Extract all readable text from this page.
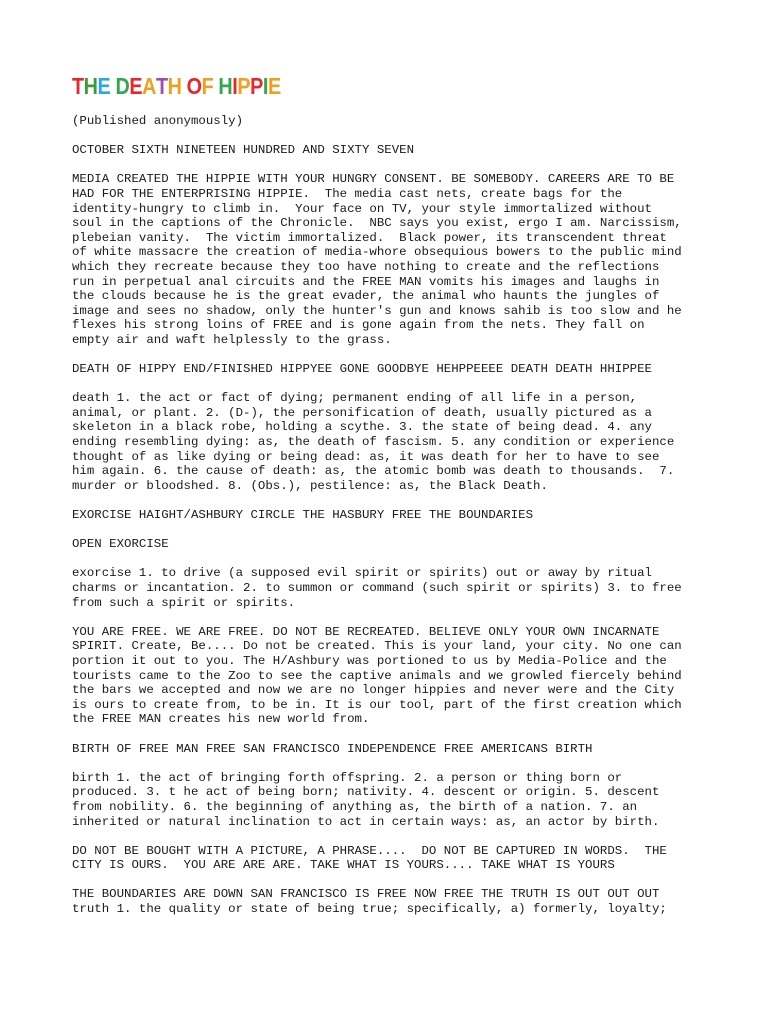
THE DEATH OF HIPPIE
(Published anonymously)
OCTOBER SIXTH NINETEEN HUNDRED AND SIXTY SEVEN
MEDIA CREATED THE HIPPIE WITH YOUR HUNGRY CONSENT. BE SOMEBODY. CAREERS ARE TO BE
HAD FOR THE ENTERPRISING HIPPIE.  The media cast nets, create bags for the
identity-hungry to climb in.  Your face on TV, your style immortalized without
soul in the captions of the Chronicle.  NBC says you exist, ergo I am. Narcissism,
plebeian vanity.  The victim immortalized.  Black power, its transcendent threat
of white massacre the creation of media-whore obsequious bowers to the public mind
which they recreate because they too have nothing to create and the reflections
run in perpetual anal circuits and the FREE MAN vomits his images and laughs in
the clouds because he is the great evader, the animal who haunts the jungles of
image and sees no shadow, only the hunter's gun and knows sahib is too slow and he
flexes his strong loins of FREE and is gone again from the nets. They fall on
empty air and waft helplessly to the grass.
DEATH OF HIPPY END/FINISHED HIPPYEE GONE GOODBYE HEHPPEEEE DEATH DEATH HHIPPEE
death 1. the act or fact of dying; permanent ending of all life in a person,
animal, or plant. 2. (D-), the personification of death, usually pictured as a
skeleton in a black robe, holding a scythe. 3. the state of being dead. 4. any
ending resembling dying: as, the death of fascism. 5. any condition or experience
thought of as like dying or being dead: as, it was death for her to have to see
him again. 6. the cause of death: as, the atomic bomb was death to thousands.  7.
murder or bloodshed. 8. (Obs.), pestilence: as, the Black Death.
EXORCISE HAIGHT/ASHBURY CIRCLE THE HASBURY FREE THE BOUNDARIES
OPEN EXORCISE
exorcise 1. to drive (a supposed evil spirit or spirits) out or away by ritual
charms or incantation. 2. to summon or command (such spirit or spirits) 3. to free
from such a spirit or spirits.
YOU ARE FREE. WE ARE FREE. DO NOT BE RECREATED. BELIEVE ONLY YOUR OWN INCARNATE
SPIRIT. Create, Be.... Do not be created. This is your land, your city. No one can
portion it out to you. The H/Ashbury was portioned to us by Media-Police and the
tourists came to the Zoo to see the captive animals and we growled fiercely behind
the bars we accepted and now we are no longer hippies and never were and the City
is ours to create from, to be in. It is our tool, part of the first creation which
the FREE MAN creates his new world from.
BIRTH OF FREE MAN FREE SAN FRANCISCO INDEPENDENCE FREE AMERICANS BIRTH
birth 1. the act of bringing forth offspring. 2. a person or thing born or
produced. 3. t he act of being born; nativity. 4. descent or origin. 5. descent
from nobility. 6. the beginning of anything as, the birth of a nation. 7. an
inherited or natural inclination to act in certain ways: as, an actor by birth.
DO NOT BE BOUGHT WITH A PICTURE, A PHRASE....  DO NOT BE CAPTURED IN WORDS.  THE
CITY IS OURS.  YOU ARE ARE ARE. TAKE WHAT IS YOURS.... TAKE WHAT IS YOURS
THE BOUNDARIES ARE DOWN SAN FRANCISCO IS FREE NOW FREE THE TRUTH IS OUT OUT OUT
truth 1. the quality or state of being true; specifically, a) formerly, loyalty;
